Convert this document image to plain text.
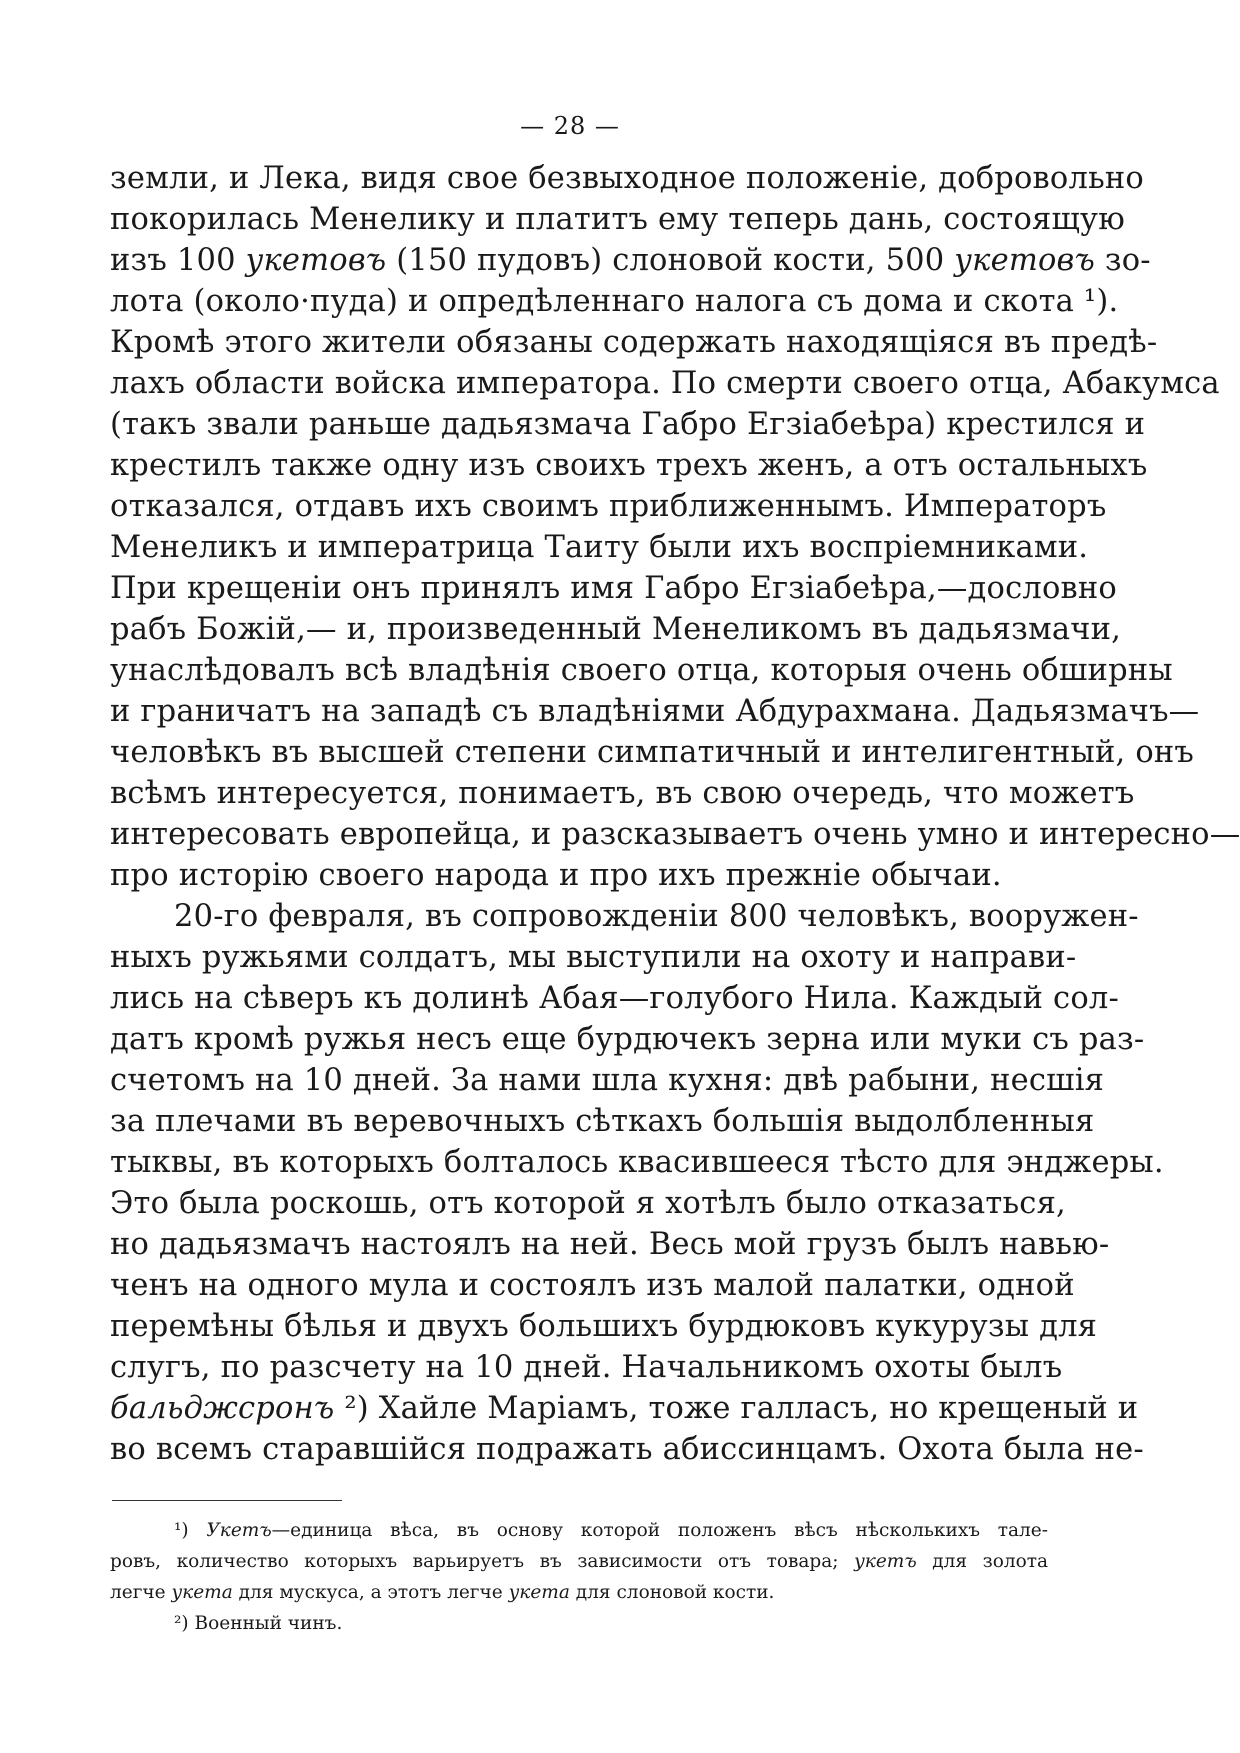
— 28 —
земли, и Лека, видя свое безвыходное положеніе, добровольно
покорилась Менелику и платитъ ему теперь дань, состоящую
изъ 100 укетовъ (150 пудовъ) слоновой кости, 500 укетовъ зо-
лота (около·пуда) и опредѣленнаго налога съ дома и скота ¹).
Кромѣ этого жители обязаны содержать находящіяся въ предѣ-
лахъ области войска императора. По смерти своего отца, Абакумса
(такъ звали раньше дадьязмача Габро Егзіабеѣра) крестился и
крестилъ также одну изъ своихъ трехъ женъ, а отъ остальныхъ
отказался, отдавъ ихъ своимъ приближеннымъ. Императоръ
Менеликъ и императрица Таиту были ихъ воспріемниками.
При крещеніи онъ принялъ имя Габро Егзіабеѣра,—дословно
рабъ Божій,— и, произведенный Менеликомъ въ дадьязмачи,
унаслѣдовалъ всѣ владѣнія своего отца, которыя очень обширны
и граничатъ на западѣ съ владѣніями Абдурахмана. Дадьязмачъ—
человѣкъ въ высшей степени симпатичный и интелигентный, онъ
всѣмъ интересуется, понимаетъ, въ свою очередь, что можетъ
интересовать европейца, и разсказываетъ очень умно и интересно—
про исторію своего народа и про ихъ прежніе обычаи.
20-го февраля, въ сопровожденіи 800 человѣкъ, вооружен-
ныхъ ружьями солдатъ, мы выступили на охоту и направи-
лись на сѣверъ къ долинѣ Абая—голубого Нила. Каждый сол-
датъ кромѣ ружья несъ еще бурдючекъ зерна или муки съ раз-
счетомъ на 10 дней. За нами шла кухня: двѣ рабыни, несшія
за плечами въ веревочныхъ сѣткахъ большія выдолбленныя
тыквы, въ которыхъ болталось квасившееся тѣсто для энджеры.
Это была роскошь, отъ которой я хотѣлъ было отказаться,
но дадьязмачъ настоялъ на ней. Весь мой грузъ былъ навью-
ченъ на одного мула и состоялъ изъ малой палатки, одной
перемѣны бѣлья и двухъ большихъ бурдюковъ кукурузы для
слугъ, по разсчету на 10 дней. Начальникомъ охоты былъ
бальджсронъ ²) Хайле Маріамъ, тоже галласъ, но крещеный и
во всемъ старавшійся подражать абиссинцамъ. Охота была не-
¹) Укетъ—единица вѣса, въ основу которой положенъ вѣсъ нѣсколькихъ тале-
ровъ, количество которыхъ варьируетъ въ зависимости отъ товара; укетъ для золота
легче укета для мускуса, а этотъ легче укета для слоновой кости.
²) Военный чинъ.
